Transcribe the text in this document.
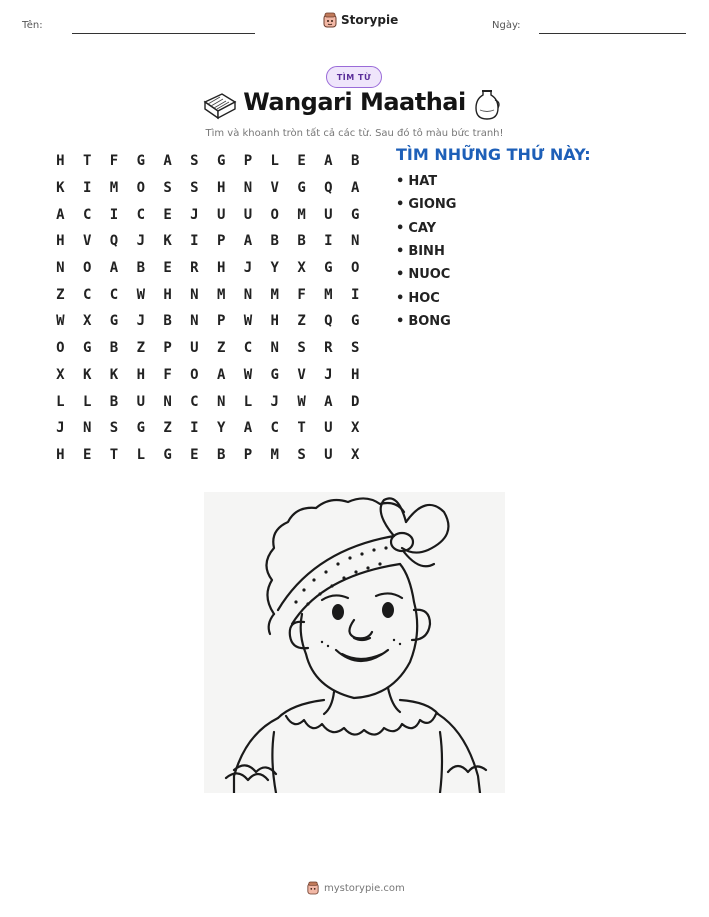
Tên:	Storypie	Ngày:
TÌM TỪ
Wangari Maathai
Tìm và khoanh tròn tất cả các từ. Sau đó tô màu bức tranh!
H	T	F	G	A	S	G	P	L	E	A	B
K	I	M	O	S	S	H	N	V	G	Q	A
A	C	I	C	E	J	U	U	O	M	U	G
H	V	Q	J	K	I	P	A	B	B	I	N
N	O	A	B	E	R	H	J	Y	X	G	O
Z	C	C	W	H	N	M	N	M	F	M	I
W	X	G	J	B	N	P	W	H	Z	Q	G
O	G	B	Z	P	U	Z	C	N	S	R	S
X	K	K	H	F	O	A	W	G	V	J	H
L	L	B	U	N	C	N	L	J	W	A	D
J	N	S	G	Z	I	Y	A	C	T	U	X
H	E	T	L	G	E	B	P	M	S	U	X
TÌM NHỮNG THỨ NÀY:
• HAT
• GIONG
• CAY
• BINH
• NUOC
• HOC
• BONG
mystorypie.com
